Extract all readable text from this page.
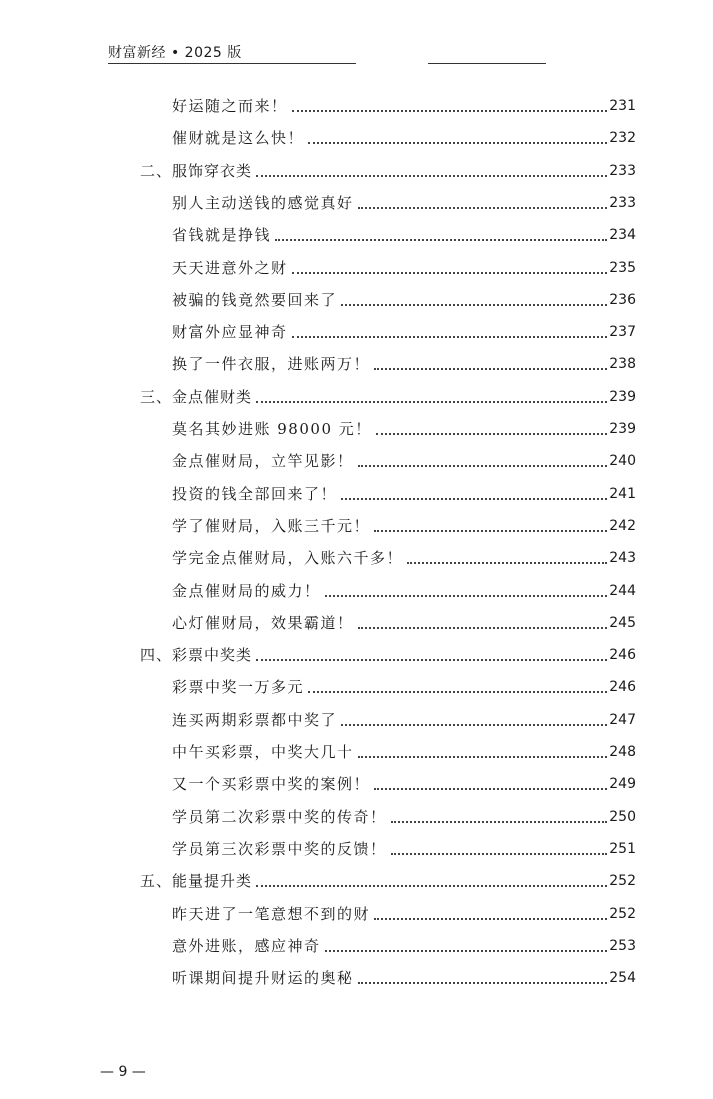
财富新经 • 2025 版
好运随之而来！	231
催财就是这么快！	232
二、服饰穿衣类	233
别人主动送钱的感觉真好	233
省钱就是挣钱	234
天天进意外之财	235
被骗的钱竟然要回来了	236
财富外应显神奇	237
换了一件衣服，进账两万！	238
三、金点催财类	239
莫名其妙进账 98000 元！	239
金点催财局，立竿见影！	240
投资的钱全部回来了！	241
学了催财局，入账三千元！	242
学完金点催财局，入账六千多！	243
金点催财局的威力！	244
心灯催财局，效果霸道！	245
四、彩票中奖类	246
彩票中奖一万多元	246
连买两期彩票都中奖了	247
中午买彩票，中奖大几十	248
又一个买彩票中奖的案例！	249
学员第二次彩票中奖的传奇！	250
学员第三次彩票中奖的反馈！	251
五、能量提升类	252
昨天进了一笔意想不到的财	252
意外进账，感应神奇	253
听课期间提升财运的奥秘	254
— 9 —
